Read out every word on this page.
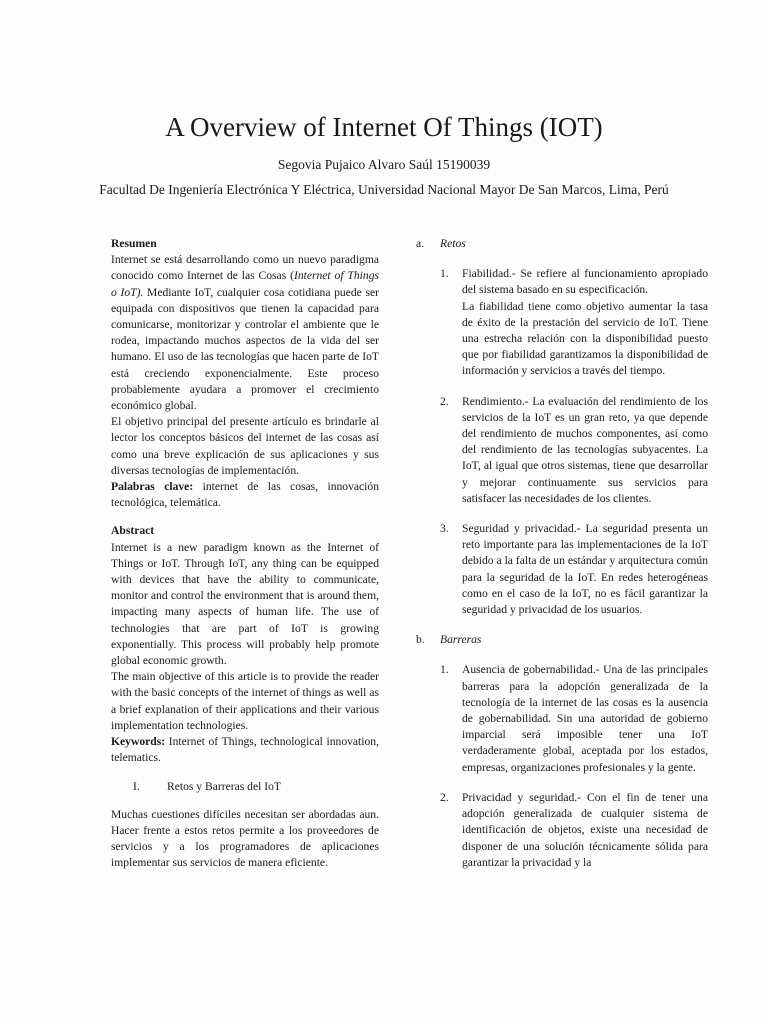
A Overview of Internet Of Things (IOT)
Segovia Pujaico Alvaro Saúl 15190039
Facultad De Ingeniería Electrónica Y Eléctrica, Universidad Nacional Mayor De San Marcos, Lima, Perú

Resumen

Internet se está desarrollando como un nuevo paradigma conocido como Internet de las Cosas (Internet of Things o IoT). Mediante IoT, cualquier cosa cotidiana puede ser equipada con dispositivos que tienen la capacidad para comunicarse, monitorizar y controlar el ambiente que le rodea, impactando muchos aspectos de la vida del ser humano. El uso de las tecnologías que hacen parte de IoT está creciendo exponencialmente. Este proceso probablemente ayudara a promover el crecimiento económico global.

El objetivo principal del presente artículo es brindarle al lector los conceptos básicos del internet de las cosas así como una breve explicación de sus aplicaciones y sus diversas tecnologías de implementación.

Palabras clave: internet de las cosas, innovación tecnológica, telemática.

Abstract

Internet is a new paradigm known as the Internet of Things or IoT. Through IoT, any thing can be equipped with devices that have the ability to communicate, monitor and control the environment that is around them, impacting many aspects of human life. The use of technologies that are part of IoT is growing exponentially. This process will probably help promote global economic growth.

The main objective of this article is to provide the reader with the basic concepts of the internet of things as well as a brief explanation of their applications and their various implementation technologies.

Keywords: Internet of Things, technological innovation, telematics.

I. Retos y Barreras del IoT

Muchas cuestiones difíciles necesitan ser abordadas aun. Hacer frente a estos retos permite a los proveedores de servicios y a los programadores de aplicaciones implementar sus servicios de manera eficiente.

a.	Retos
1.	Fiabilidad.- Se refiere al funcionamiento apropiado del sistema basado en su especificación.

La fiabilidad tiene como objetivo aumentar la tasa de éxito de la prestación del servicio de IoT. Tiene una estrecha relación con la disponibilidad puesto que por fiabilidad garantizamos la disponibilidad de información y servicios a través del tiempo.

2.	Rendimiento.- La evaluación del rendimiento de los servicios de la IoT es un gran reto, ya que depende del rendimiento de muchos componentes, así como del rendimiento de las tecnologías subyacentes. La IoT, al igual que otros sistemas, tiene que desarrollar y mejorar continuamente sus servicios para satisfacer las necesidades de los clientes.

3.	Seguridad y privacidad.- La seguridad presenta un reto importante para las implementaciones de la IoT debido a la falta de un estándar y arquitectura común para la seguridad de la IoT. En redes heterogéneas como en el caso de la IoT, no es fácil garantizar la seguridad y privacidad de los usuarios.

b.	Barreras
1.	Ausencia de gobernabilidad.- Una de las principales barreras para la adopción generalizada de la tecnología de la internet de las cosas es la ausencia de gobernabilidad. Sin una autoridad de gobierno imparcial será imposible tener una IoT verdaderamente global, aceptada por los estados, empresas, organizaciones profesionales y la gente.

2.	Privacidad y seguridad.- Con el fin de tener una adopción generalizada de cualquier sistema de identificación de objetos, existe una necesidad de disponer de una solución técnicamente sólida para garantizar la privacidad y la
